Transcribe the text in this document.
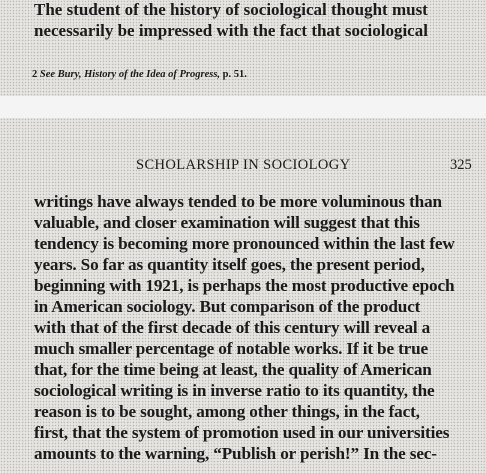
The student of the history of sociological thought must
necessarily be impressed with the fact that sociological
2 See Bury, History of the Idea of Progress, p. 51.
SCHOLARSHIP IN SOCIOLOGY	325
writings have always tended to be more voluminous than
valuable, and closer examination will suggest that this
tendency is becoming more pronounced within the last few
years. So far as quantity itself goes, the present period,
beginning with 1921, is perhaps the most productive epoch
in American sociology. But comparison of the product
with that of the first decade of this century will reveal a
much smaller percentage of notable works. If it be true
that, for the time being at least, the quality of American
sociological writing is in inverse ratio to its quantity, the
reason is to be sought, among other things, in the fact,
first, that the system of promotion used in our universities
amounts to the warning, “Publish or perish!” In the sec-
